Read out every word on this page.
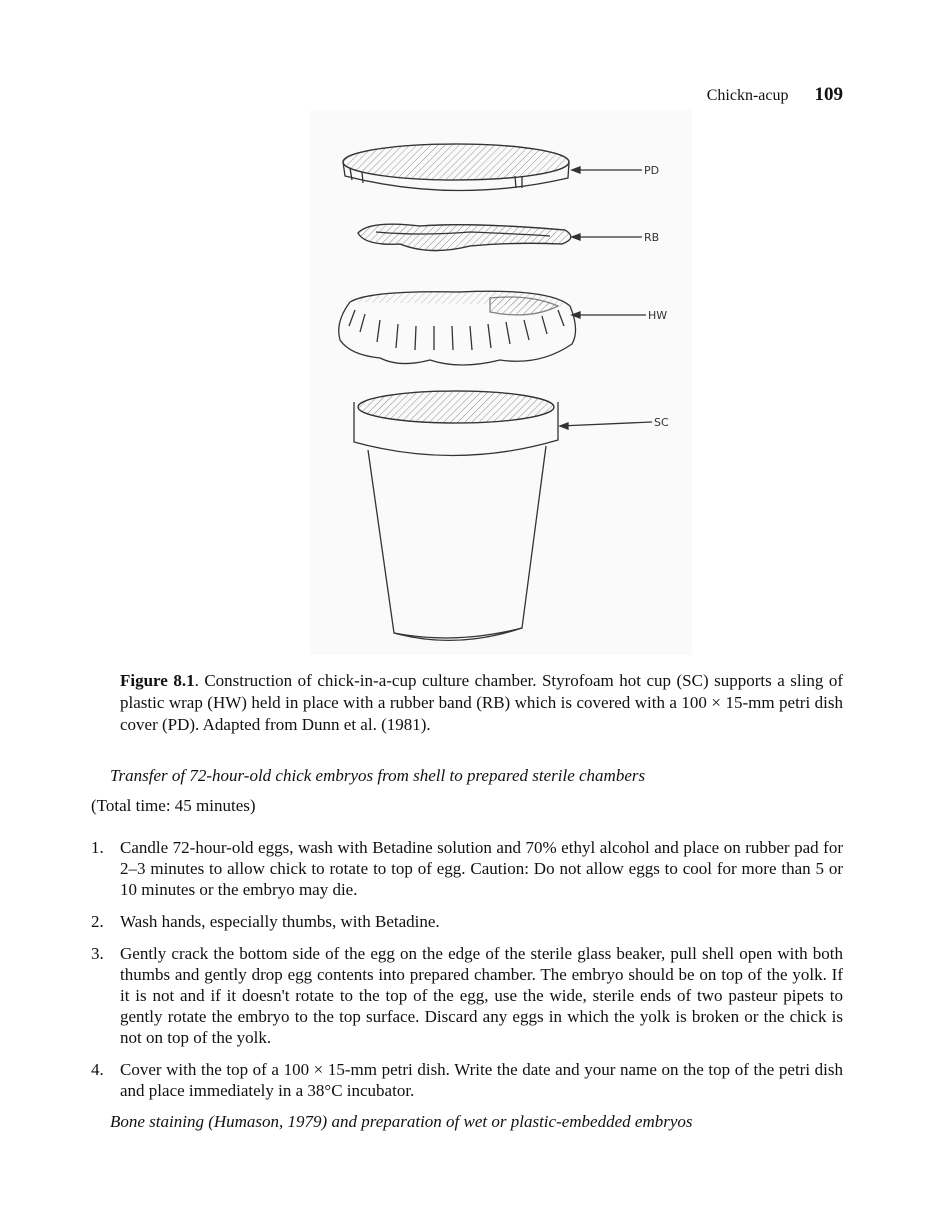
Chickn-acup 109
PD
RB
HW
SC
Figure 8.1. Construction of chick-in-a-cup culture chamber. Styrofoam hot cup (SC) supports a sling of plastic wrap (HW) held in place with a rubber band (RB) which is covered with a 100 × 15-mm petri dish cover (PD). Adapted from Dunn et al. (1981).
Transfer of 72-hour-old chick embryos from shell to prepared sterile chambers
(Total time: 45 minutes)
1. Candle 72-hour-old eggs, wash with Betadine solution and 70% ethyl alcohol and place on rubber pad for 2–3 minutes to allow chick to rotate to top of egg. Caution: Do not allow eggs to cool for more than 5 or 10 minutes or the embryo may die.
2. Wash hands, especially thumbs, with Betadine.
3. Gently crack the bottom side of the egg on the edge of the sterile glass beaker, pull shell open with both thumbs and gently drop egg contents into prepared chamber. The embryo should be on top of the yolk. If it is not and if it doesn't rotate to the top of the egg, use the wide, sterile ends of two pasteur pipets to gently rotate the embryo to the top surface. Discard any eggs in which the yolk is broken or the chick is not on top of the yolk.
4. Cover with the top of a 100 × 15-mm petri dish. Write the date and your name on the top of the petri dish and place immediately in a 38°C incubator.
Bone staining (Humason, 1979) and preparation of wet or plastic-embedded embryos
